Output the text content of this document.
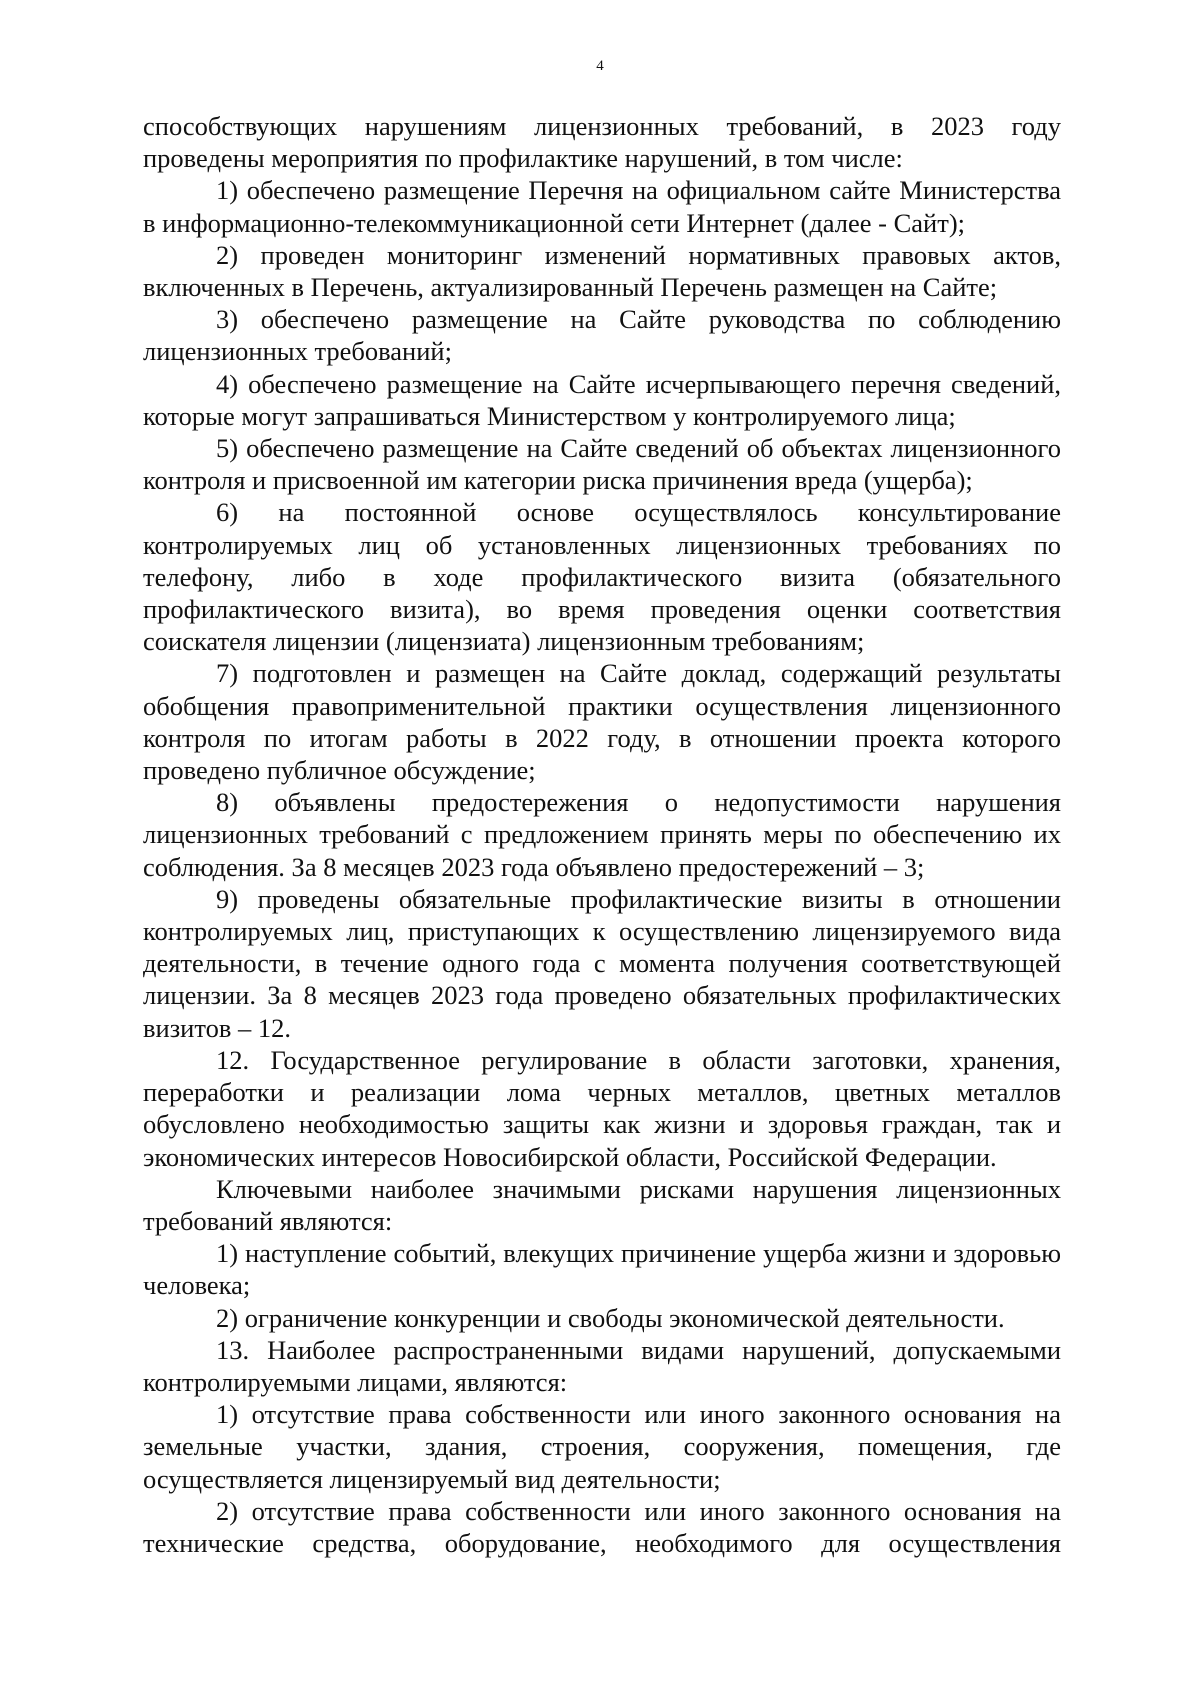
4

способствующих нарушениям лицензионных требований, в 2023 году проведены мероприятия по профилактике нарушений, в том числе:

1) обеспечено размещение Перечня на официальном сайте Министерства в информационно-телекоммуникационной сети Интернет (далее - Сайт);

2) проведен мониторинг изменений нормативных правовых актов, включенных в Перечень, актуализированный Перечень размещен на Сайте;

3) обеспечено размещение на Сайте руководства по соблюдению лицензионных требований;

4) обеспечено размещение на Сайте исчерпывающего перечня сведений, которые могут запрашиваться Министерством у контролируемого лица;

5) обеспечено размещение на Сайте сведений об объектах лицензионного контроля и присвоенной им категории риска причинения вреда (ущерба);

6) на постоянной основе осуществлялось консультирование контролируемых лиц об установленных лицензионных требованиях по телефону, либо в ходе профилактического визита (обязательного профилактического визита), во время проведения оценки соответствия соискателя лицензии (лицензиата) лицензионным требованиям;

7) подготовлен и размещен на Сайте доклад, содержащий результаты обобщения правоприменительной практики осуществления лицензионного контроля по итогам работы в 2022 году, в отношении проекта которого проведено публичное обсуждение;

8) объявлены предостережения о недопустимости нарушения лицензионных требований с предложением принять меры по обеспечению их соблюдения. За 8 месяцев 2023 года объявлено предостережений – 3;

9) проведены обязательные профилактические визиты в отношении контролируемых лиц, приступающих к осуществлению лицензируемого вида деятельности, в течение одного года с момента получения соответствующей лицензии. За 8 месяцев 2023 года проведено обязательных профилактических визитов – 12.

12. Государственное регулирование в области заготовки, хранения, переработки и реализации лома черных металлов, цветных металлов обусловлено необходимостью защиты как жизни и здоровья граждан, так и экономических интересов Новосибирской области, Российской Федерации.

Ключевыми наиболее значимыми рисками нарушения лицензионных требований являются:

1) наступление событий, влекущих причинение ущерба жизни и здоровью человека;

2) ограничение конкуренции и свободы экономической деятельности.

13. Наиболее распространенными видами нарушений, допускаемыми контролируемыми лицами, являются:

1) отсутствие права собственности или иного законного основания на земельные участки, здания, строения, сооружения, помещения, где осуществляется лицензируемый вид деятельности;

2) отсутствие права собственности или иного законного основания на технические средства, оборудование, необходимого для осуществления
